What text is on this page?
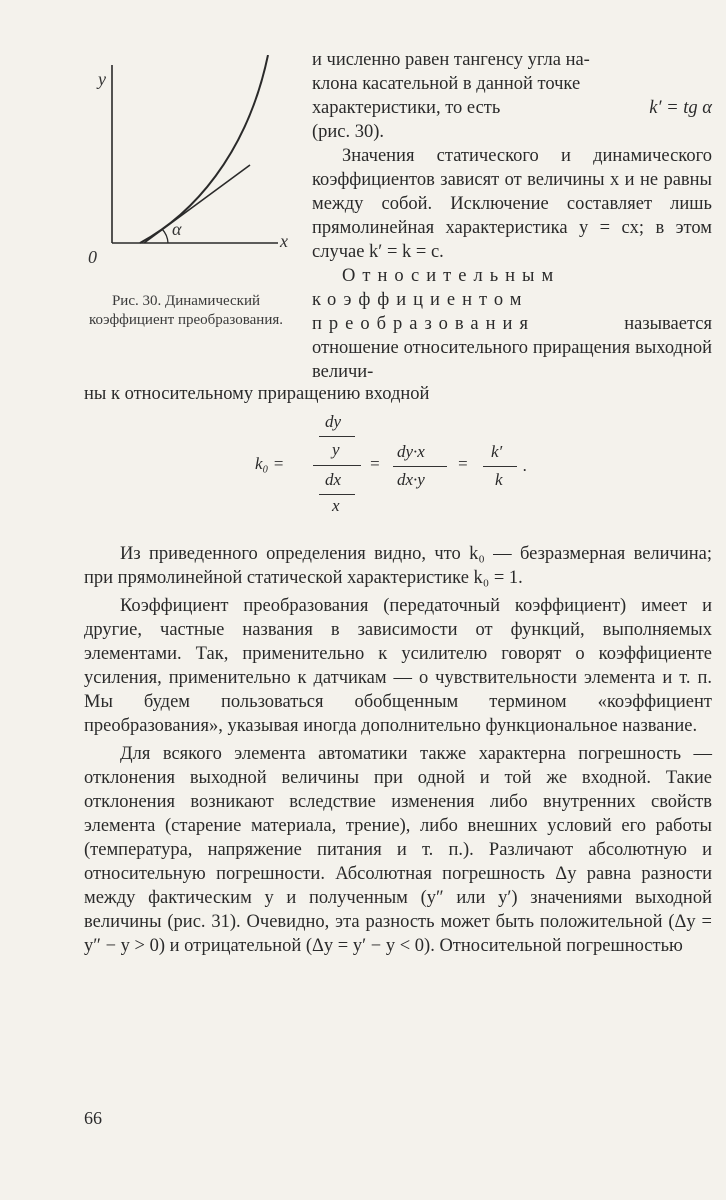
y
x
0
α
Рис. 30. Динамический коэффициент преобразования.

и численно равен тангенсу угла на-

клона касательной в данной точке

характеристики, то есть	k′ = tg α

(рис. 30).

Значения статического и динамического коэффициентов зависят от величины x и не равны между собой. Исключение составляет лишь прямолинейная характеристика y = cx; в этом случае k′ = k = c.

Относительным коэффициентом преобразования	называется отношение относительного приращения выходной величи-

ны к относительному приращению входной

k₀ =
dy
y
dx
x
=
dy·x
dx·y
=
k′
k
.

Из приведенного определения видно, что k₀ — безразмерная величина; при прямолинейной статической характеристике k₀ = 1.

Коэффициент преобразования (передаточный коэффициент) имеет и другие, частные названия в зависимости от функций, выполняемых элементами. Так, применительно к усилителю говорят о коэффициенте усиления, применительно к датчикам — о чувствительности элемента и т. п. Мы будем пользоваться обобщенным термином «коэффициент преобразования», указывая иногда дополнительно функциональное название.

Для всякого элемента автоматики также характерна погрешность — отклонения выходной величины при одной и той же входной. Такие отклонения возникают вследствие изменения либо внутренних свойств элемента (старение материала, трение), либо внешних условий его работы (температура, напряжение питания и т. п.). Различают абсолютную и относительную погрешности. Абсолютная погрешность Δy равна разности между фактическим y и полученным (y″ или y′) значениями выходной величины (рис. 31). Очевидно, эта разность может быть положительной (Δy = y″ − y > 0) и отрицательной (Δy = y′ − y < 0). Относительной погрешностью

66
